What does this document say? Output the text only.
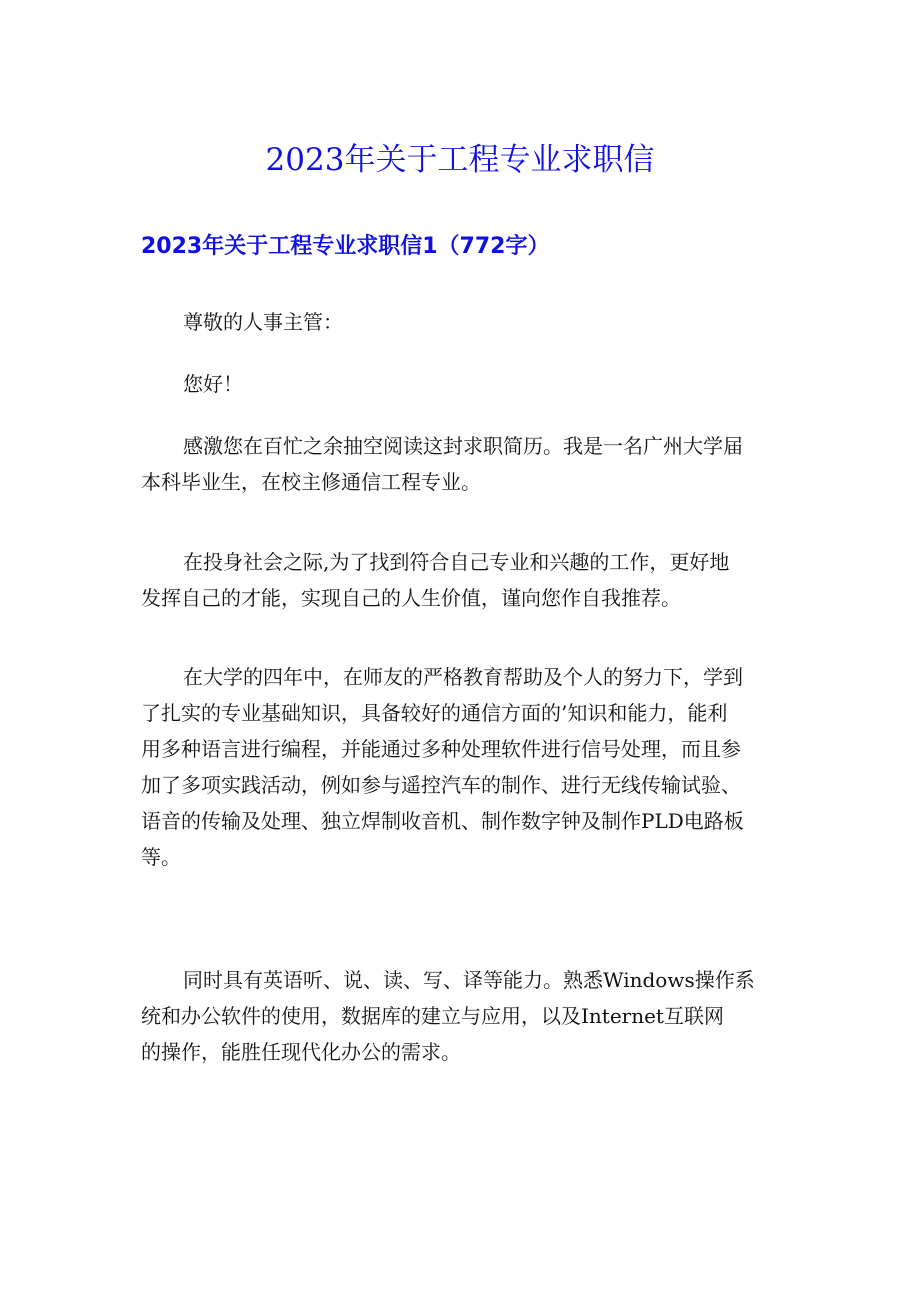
2023年关于工程专业求职信
2023年关于工程专业求职信1（772字）

尊敬的人事主管：

您好！

感激您在百忙之余抽空阅读这封求职简历。我是一名广州大学届
本科毕业生，在校主修通信工程专业。

在投身社会之际,为了找到符合自己专业和兴趣的工作，更好地
发挥自己的才能，实现自己的人生价值，谨向您作自我推荐。

在大学的四年中，在师友的严格教育帮助及个人的努力下，学到
了扎实的专业基础知识，具备较好的通信方面的’知识和能力，能利
用多种语言进行编程，并能通过多种处理软件进行信号处理，而且参
加了多项实践活动，例如参与遥控汽车的制作、进行无线传输试验、
语音的传输及处理、独立焊制收音机、制作数字钟及制作PLD电路板
等。

同时具有英语听、说、读、写、译等能力。熟悉Windows操作系
统和办公软件的使用，数据库的建立与应用，以及Internet互联网
的操作，能胜任现代化办公的需求。
